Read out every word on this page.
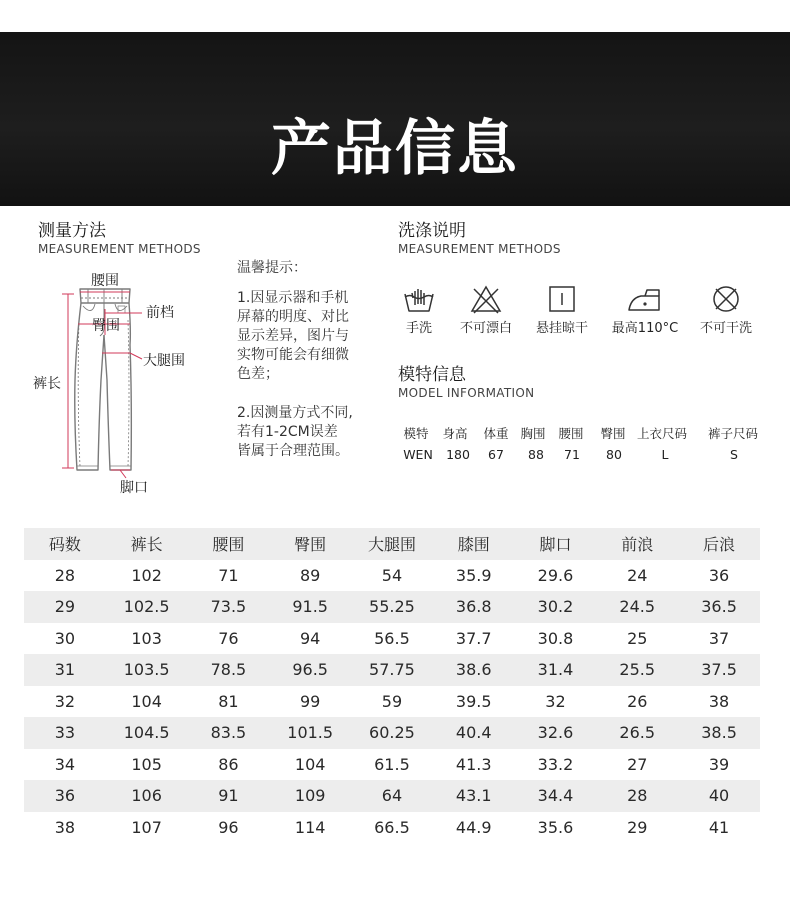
产品信息
测量方法
MEASUREMENT METHODS
腰围
臀围
前档
大腿围
裤长
脚口
温馨提示：
1.因显示器和手机
屏幕的明度、对比
显示差异，图片与
实物可能会有细微
色差；
2.因测量方式不同,
若有1-2CM误差
皆属于合理范围。
洗涤说明
MEASUREMENT METHODS
手洗	不可漂白	悬挂晾干	最高110°C	不可干洗
模特信息
MODEL INFORMATION
模特	身高	体重 胸围	腰围	臀围 上衣尺码	裤子尺码
WEN	180	67	88	71	80	L	S
码数	裤长	腰围	臀围	大腿围	膝围	脚口	前浪	后浪
28	102	71	89	54	35.9	29.6	24	36
29	102.5	73.5	91.5	55.25	36.8	30.2	24.5	36.5
30	103	76	94	56.5	37.7	30.8	25	37
31	103.5	78.5	96.5	57.75	38.6	31.4	25.5	37.5
32	104	81	99	59	39.5	32	26	38
33	104.5	83.5	101.5	60.25	40.4	32.6	26.5	38.5
34	105	86	104	61.5	41.3	33.2	27	39
36	106	91	109	64	43.1	34.4	28	40
38	107	96	114	66.5	44.9	35.6	29	41
